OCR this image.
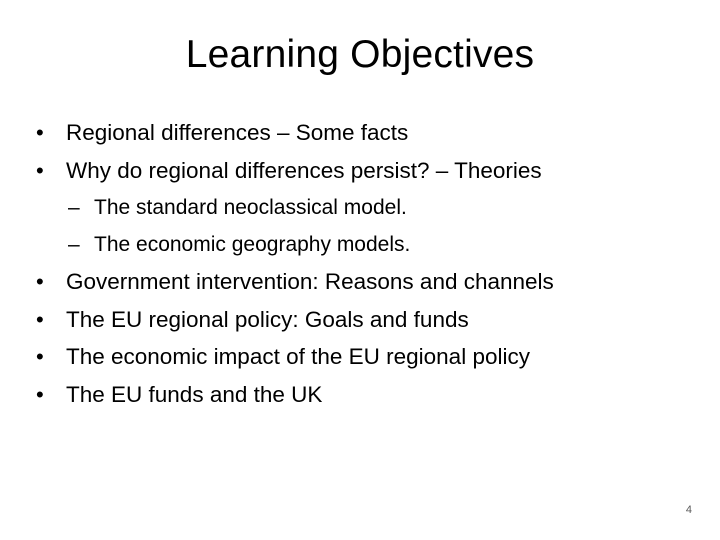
Learning Objectives
• Regional differences – Some facts
• Why do regional differences persist? – Theories
– The standard neoclassical model.
– The economic geography models.
• Government intervention: Reasons and channels
• The EU regional policy: Goals and funds
• The economic impact of the EU regional policy
• The EU funds and the UK
4
